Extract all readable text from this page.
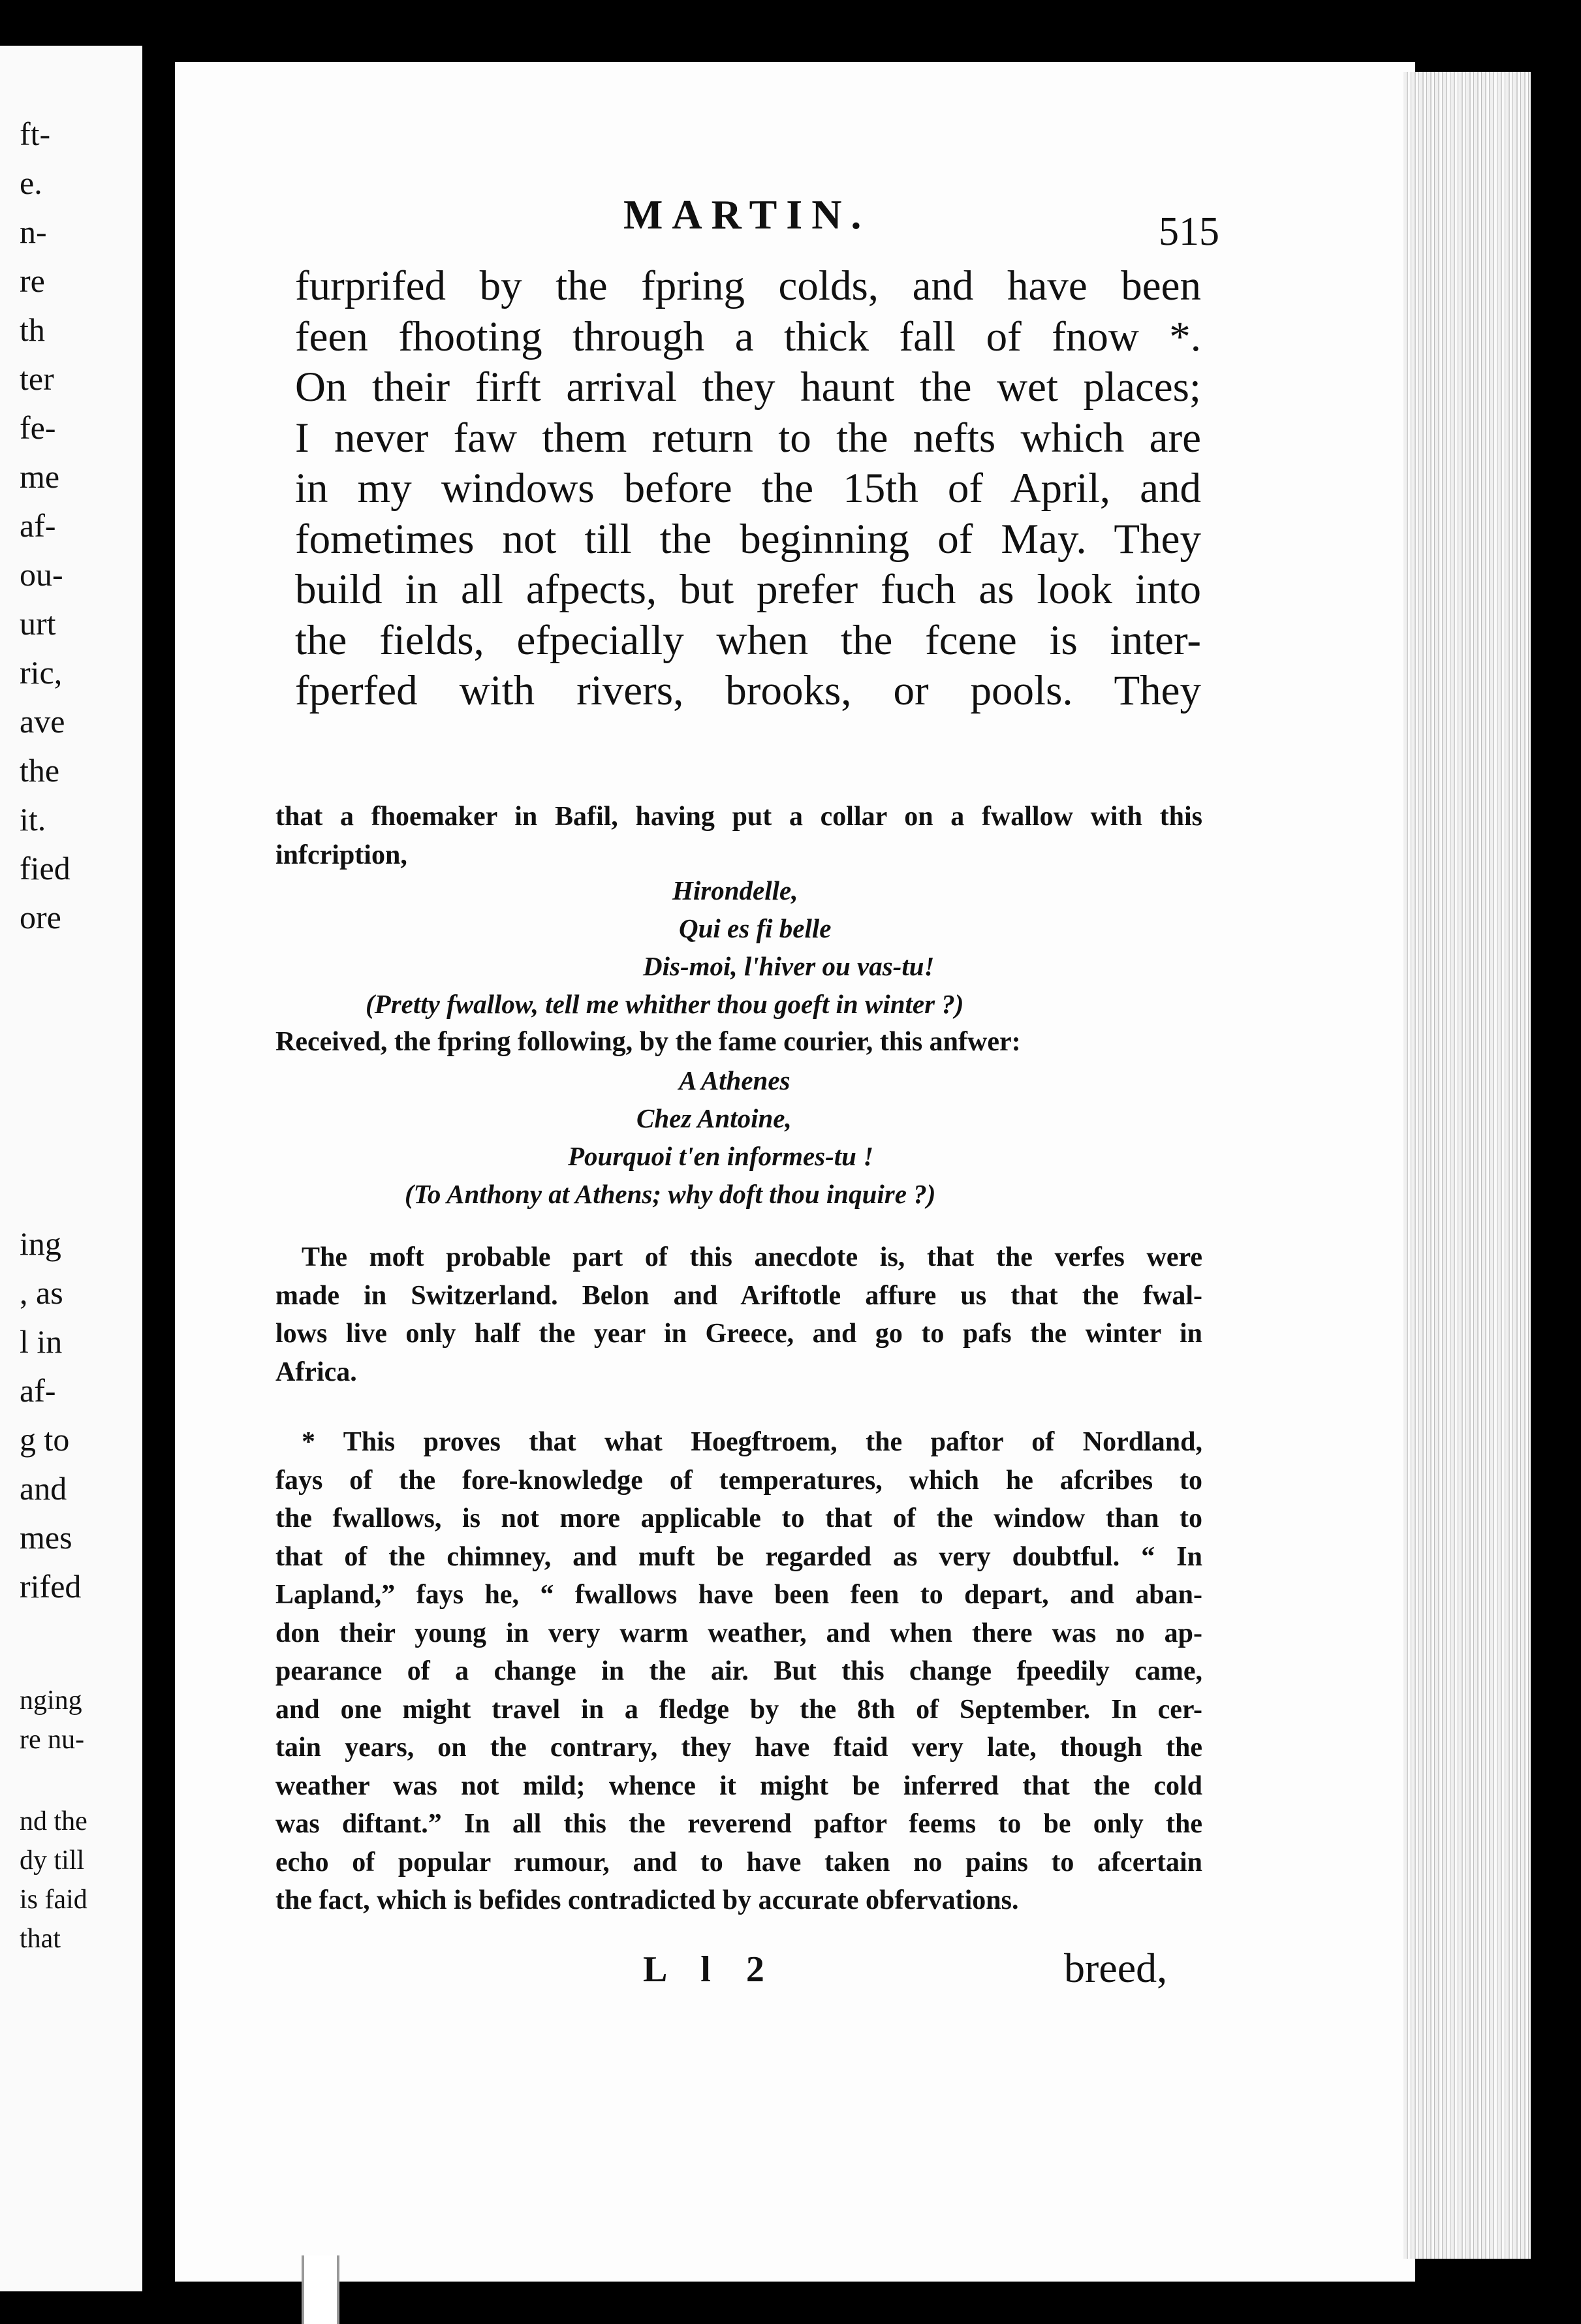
ft-
e.
n-
re
th
ter
fe-
me
af-
ou-
urt
ric,
ave
the
it.
fied
ore
ing
, as
l in
af-
g to
and
mes
rifed
nging
re nu-
nd the
dy till
is faid
that
MARTIN.	515
furprifed by the fpring colds, and have been
feen fhooting through a thick fall of fnow *.
On their firft arrival they haunt the wet places;
I never faw them return to the nefts which are
in my windows before the 15th of April, and
fometimes not till the beginning of May. They
build in all afpects, but prefer fuch as look into
the fields, efpecially when the fcene is inter-
fperfed with rivers, brooks, or pools. They
that a fhoemaker in Bafil, having put a collar on a fwallow with this
infcription,
Hirondelle,
Qui es fi belle
Dis-moi, l'hiver ou vas-tu!
(Pretty fwallow, tell me whither thou goeft in winter ?)
Received, the fpring following, by the fame courier, this anfwer:
A Athenes
Chez Antoine,
Pourquoi t'en informes-tu !
(To Anthony at Athens; why doft thou inquire ?)
The moft probable part of this anecdote is, that the verfes were
made in Switzerland. Belon and Ariftotle affure us that the fwal-
lows live only half the year in Greece, and go to pafs the winter in
Africa.
* This proves that what Hoegftroem, the paftor of Nordland,
fays of the fore-knowledge of temperatures, which he afcribes to
the fwallows, is not more applicable to that of the window than to
that of the chimney, and muft be regarded as very doubtful. “ In
Lapland,” fays he, “ fwallows have been feen to depart, and aban-
don their young in very warm weather, and when there was no ap-
pearance of a change in the air. But this change fpeedily came,
and one might travel in a fledge by the 8th of September. In cer-
tain years, on the contrary, they have ftaid very late, though the
weather was not mild; whence it might be inferred that the cold
was diftant.” In all this the reverend paftor feems to be only the
echo of popular rumour, and to have taken no pains to afcertain
the fact, which is befides contradicted by accurate obfervations.
L l 2	breed,
